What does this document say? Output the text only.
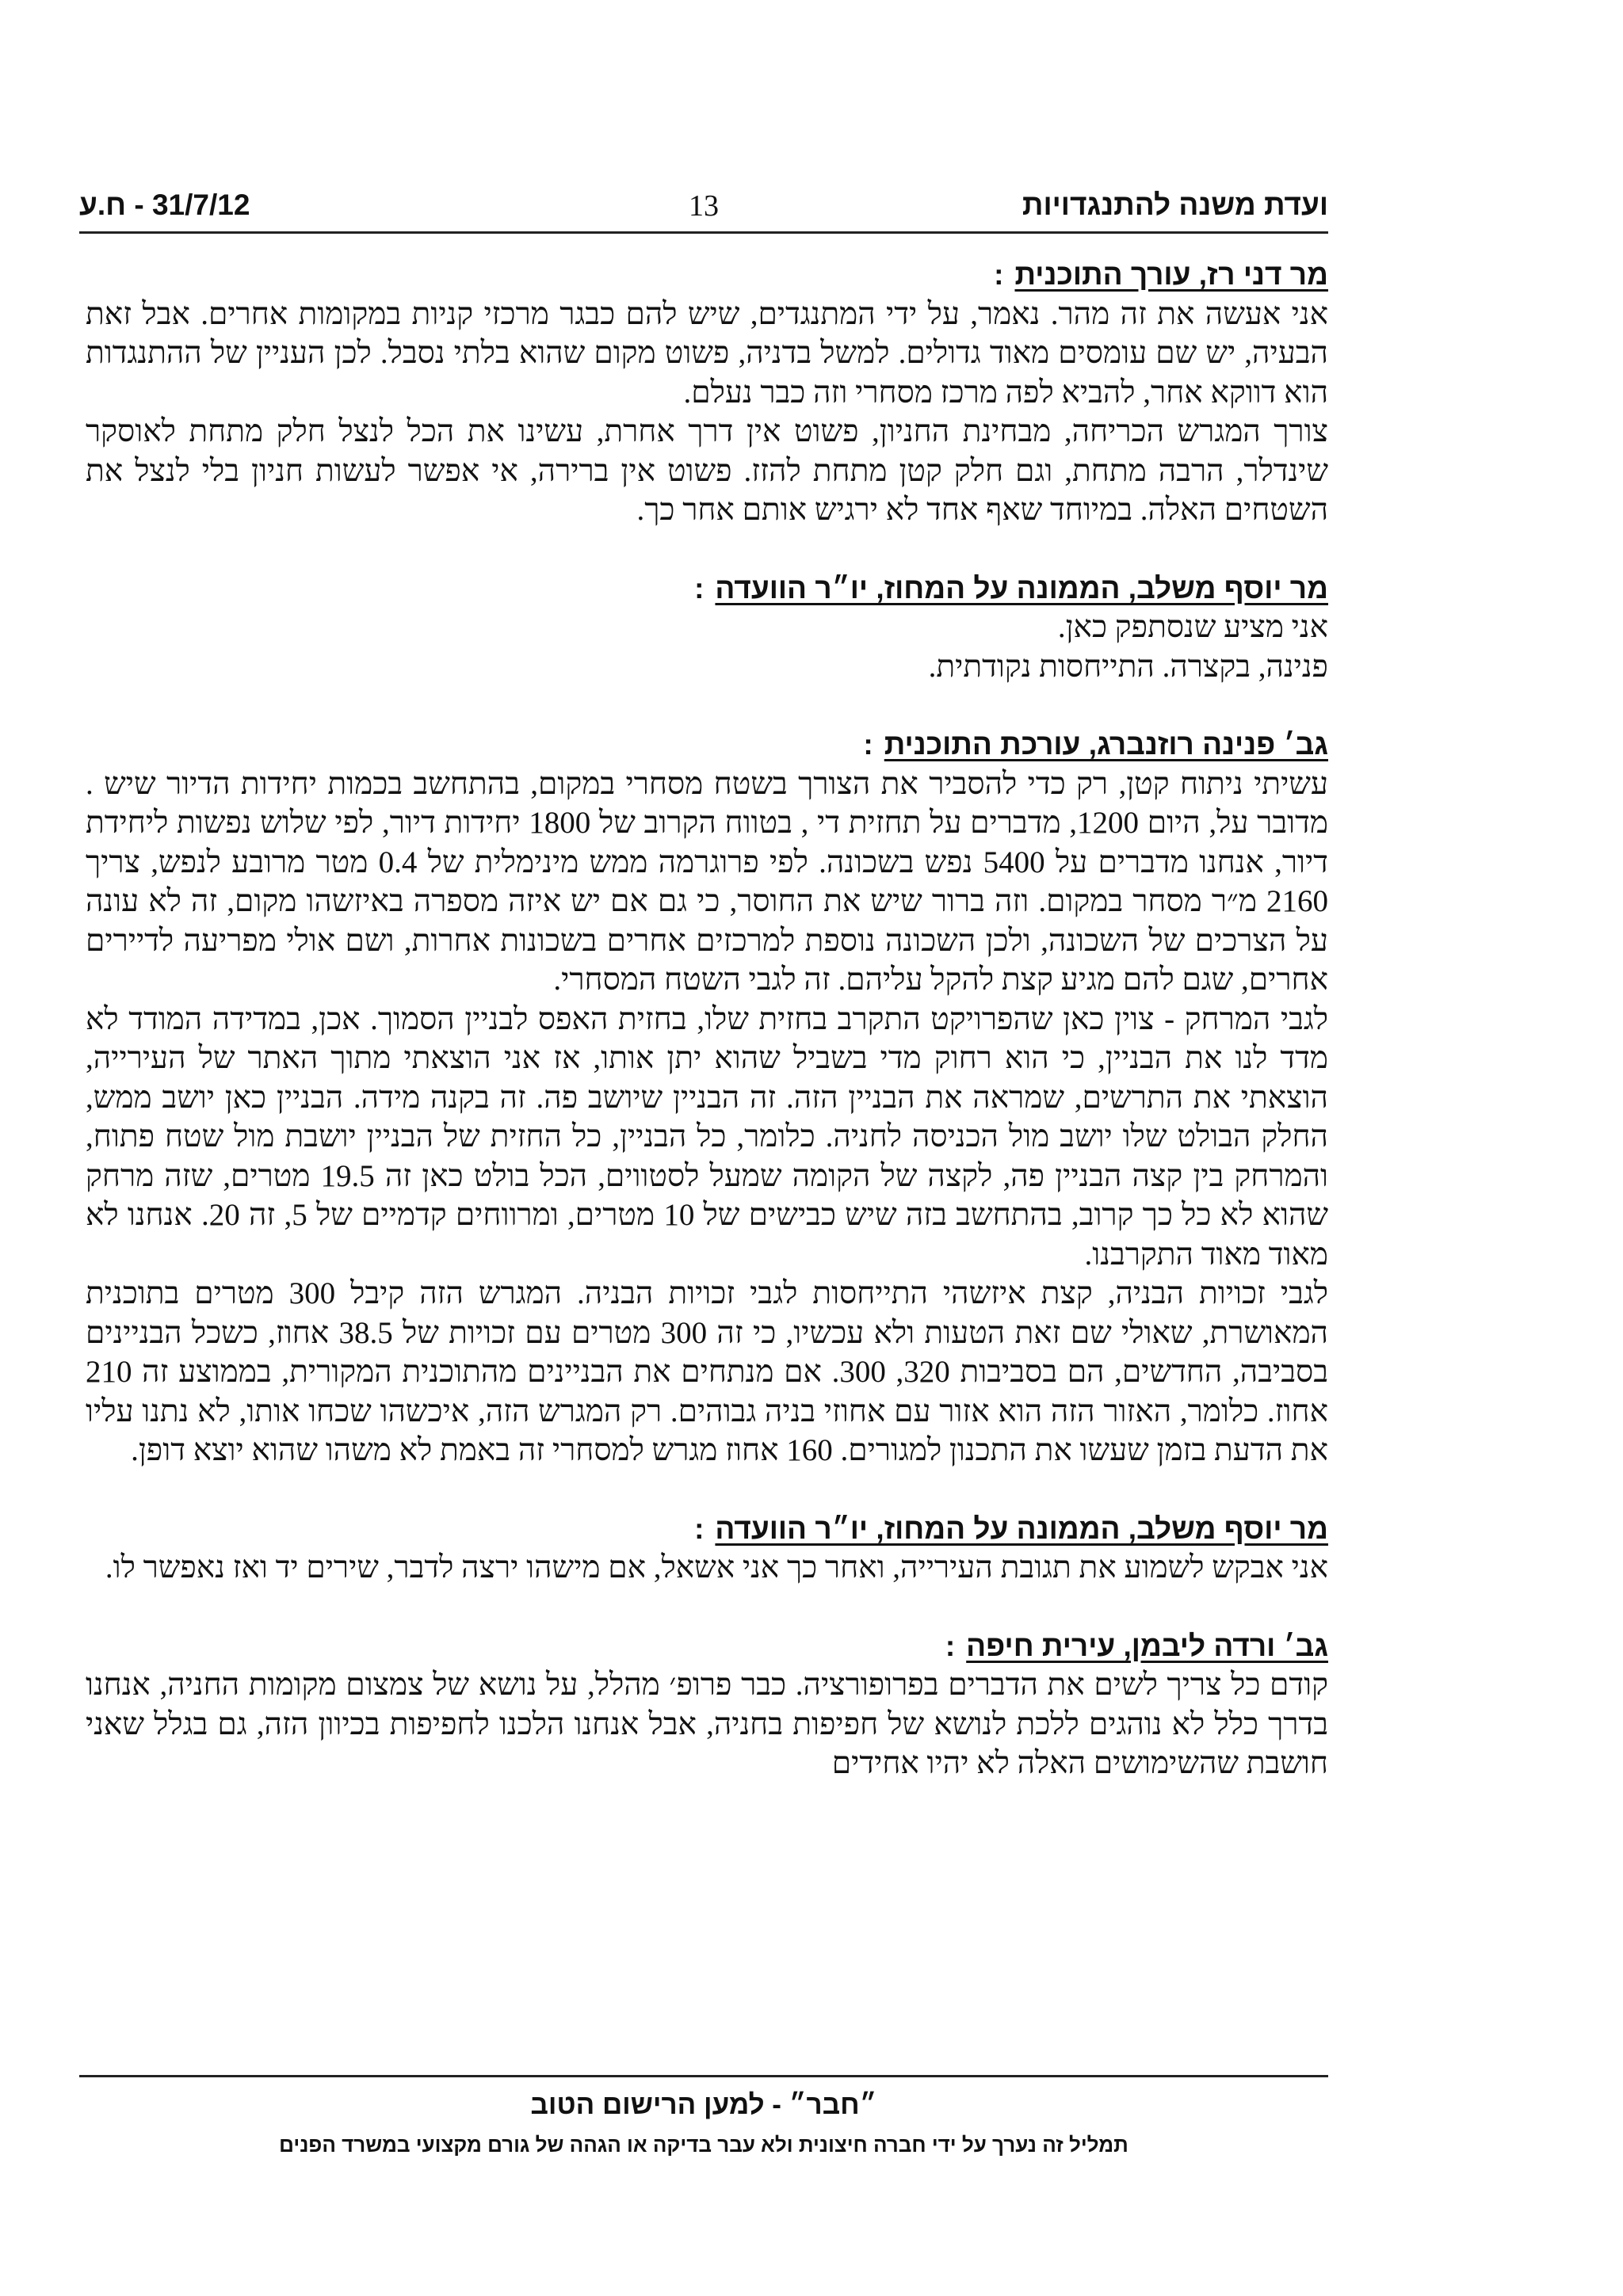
ועדת משנה להתנגדויות
13
31/7/12 - ח.ע
מר דני רז, עורך התוכנית:

אני אעשה את זה מהר. נאמר, על ידי המתנגדים, שיש להם כבגר מרכזי קניות במקומות אחרים. אבל זאת הבעיה, יש שם עומסים מאוד גדולים. למשל בדניה, פשוט מקום שהוא בלתי נסבל. לכן העניין של ההתנגדות הוא דווקא אחר, להביא לפה מרכז מסחרי וזה כבר נעלם.

צורך המגרש הכריחה, מבחינת החניון, פשוט אין דרך אחרת, עשינו את הכל לנצל חלק מתחת לאוסקר שינדלר, הרבה מתחת, וגם חלק קטן מתחת להזז. פשוט אין ברירה, אי אפשר לעשות חניון בלי לנצל את השטחים האלה. במיוחד שאף אחד לא ירגיש אותם אחר כך.

מר יוסף משלב, הממונה על המחוז, יו״ר הוועדה:

אני מציע שנסתפק כאן.

פנינה, בקצרה. התייחסות נקודתית.

גב׳ פנינה רוזנברג, עורכת התוכנית:

עשיתי ניתוח קטן, רק כדי להסביר את הצורך בשטח מסחרי במקום, בהתחשב בכמות יחידות הדיור שיש . מדובר על, היום 1200, מדברים על תחזית די , בטווח הקרוב של 1800 יחידות דיור, לפי שלוש נפשות ליחידת דיור, אנחנו מדברים על 5400 נפש בשכונה. לפי פרוגרמה ממש מינימלית של 0.4 מטר מרובע לנפש, צריך 2160 מ״ר מסחר במקום. וזה ברור שיש את החוסר, כי גם אם יש איזה מספרה באיזשהו מקום, זה לא עונה על הצרכים של השכונה, ולכן השכונה נוספת למרכזים אחרים בשכונות אחרות, ושם אולי מפריעה לדיירים אחרים, שגם להם מגיע קצת להקל עליהם. זה לגבי השטח המסחרי.

לגבי המרחק - צוין כאן שהפרויקט התקרב בחזית שלו, בחזית האפס לבניין הסמוך. אכן, במדידה המודד לא מדד לנו את הבניין, כי הוא רחוק מדי בשביל שהוא יתן אותו, אז אני הוצאתי מתוך האתר של העירייה, הוצאתי את התרשים, שמראה את הבניין הזה. זה הבניין שיושב פה. זה בקנה מידה. הבניין כאן יושב ממש, החלק הבולט שלו יושב מול הכניסה לחניה. כלומר, כל הבניין, כל החזית של הבניין יושבת מול שטח פתוח, והמרחק בין קצה הבניין פה, לקצה של הקומה שמעל לסטווים, הכל בולט כאן זה 19.5 מטרים, שזה מרחק שהוא לא כל כך קרוב, בהתחשב בזה שיש כבישים של 10 מטרים, ומרווחים קדמיים של 5, זה 20. אנחנו לא מאוד מאוד התקרבנו.

לגבי זכויות הבניה, קצת איזשהי התייחסות לגבי זכויות הבניה. המגרש הזה קיבל 300 מטרים בתוכנית המאושרת, שאולי שם זאת הטעות ולא עכשיו, כי זה 300 מטרים עם זכויות של 38.5 אחוז, כשכל הבניינים בסביבה, החדשים, הם בסביבות 320, 300. אם מנתחים את הבניינים מהתוכנית המקורית, בממוצע זה 210 אחוז. כלומר, האזור הזה הוא אזור עם אחוזי בניה גבוהים. רק המגרש הזה, איכשהו שכחו אותו, לא נתנו עליו את הדעת בזמן שעשו את התכנון למגורים. 160 אחוז מגרש למסחרי זה באמת לא משהו שהוא יוצא דופן.

מר יוסף משלב, הממונה על המחוז, יו״ר הוועדה:

אני אבקש לשמוע את תגובת העירייה, ואחר כך אני אשאל, אם מישהו ירצה לדבר, שירים יד ואז נאפשר לו.

גב׳ ורדה ליבמן, עירית חיפה:

קודם כל צריך לשים את הדברים בפרופורציה. כבר פרופ׳ מהלל, על נושא של צמצום מקומות החניה, אנחנו בדרך כלל לא נוהגים ללכת לנושא של חפיפות בחניה, אבל אנחנו הלכנו לחפיפות בכיוון הזה, גם בגלל שאני חושבת שהשימושים האלה לא יהיו אחידים

״חבר״ - למען הרישום הטוב
תמליל זה נערך על ידי חברה חיצונית ולא עבר בדיקה או הגהה של גורם מקצועי במשרד הפנים
